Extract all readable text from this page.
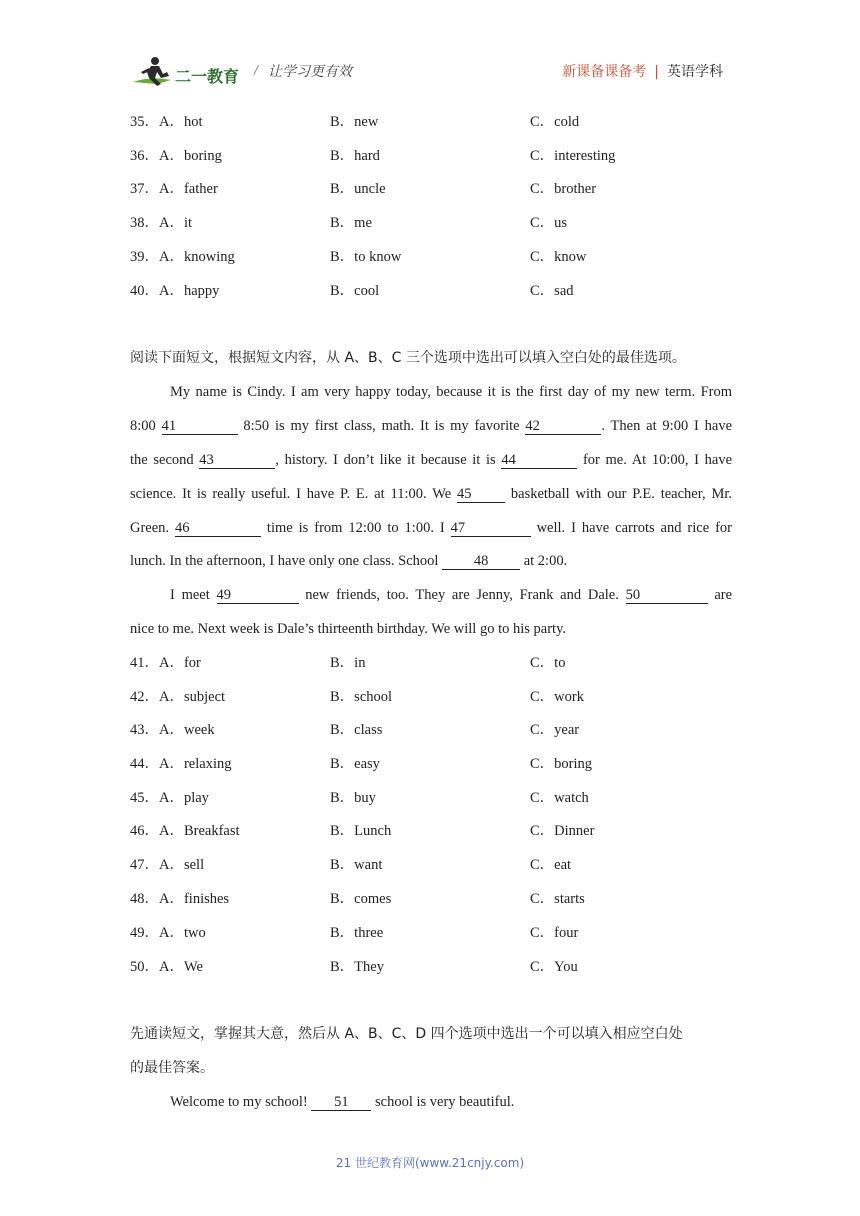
二一教育 / 让学习更有效	新课备课备考 | 英语学科
35．A．hot	B．new	C．cold
36．A．boring	B．hard	C．interesting
37．A．father	B．uncle	C．brother
38．A．it	B．me	C．us
39．A．knowing	B．to know	C．know
40．A．happy	B．cool	C．sad
阅读下面短文，根据短文内容，从 A、B、C 三个选项中选出可以填入空白处的最佳选项。
My name is Cindy. I am very happy today, because it is the first day of my new term. From
8:00 41	8:50 is my first class, math. It is my favorite 42	. Then at 9:00 I have
the second 43	, history. I don’t like it because it is 44	for me. At 10:00, I have
science. It is really useful. I have P. E. at 11:00. We 45	basketball with our P.E. teacher, Mr.
Green. 46	time is from 12:00 to 1:00. I 47	well. I have carrots and rice for
lunch. In the afternoon, I have only one class. School 48 at 2:00.
I meet 49	new friends, too. They are Jenny, Frank and Dale. 50	are
nice to me. Next week is Dale’s thirteenth birthday. We will go to his party.
41．A．for	B．in	C．to
42．A．subject	B．school	C．work
43．A．week	B．class	C．year
44．A．relaxing	B．easy	C．boring
45．A．play	B．buy	C．watch
46．A．Breakfast	B．Lunch	C．Dinner
47．A．sell	B．want	C．eat
48．A．finishes	B．comes	C．starts
49．A．two	B．three	C．four
50．A．We	B．They	C．You
先通读短文，掌握其大意，然后从 A、B、C、D 四个选项中选出一个可以填入相应空白处
的最佳答案。
Welcome to my school! 51 school is very beautiful.
21 世纪教育网(www.21cnjy.com)
